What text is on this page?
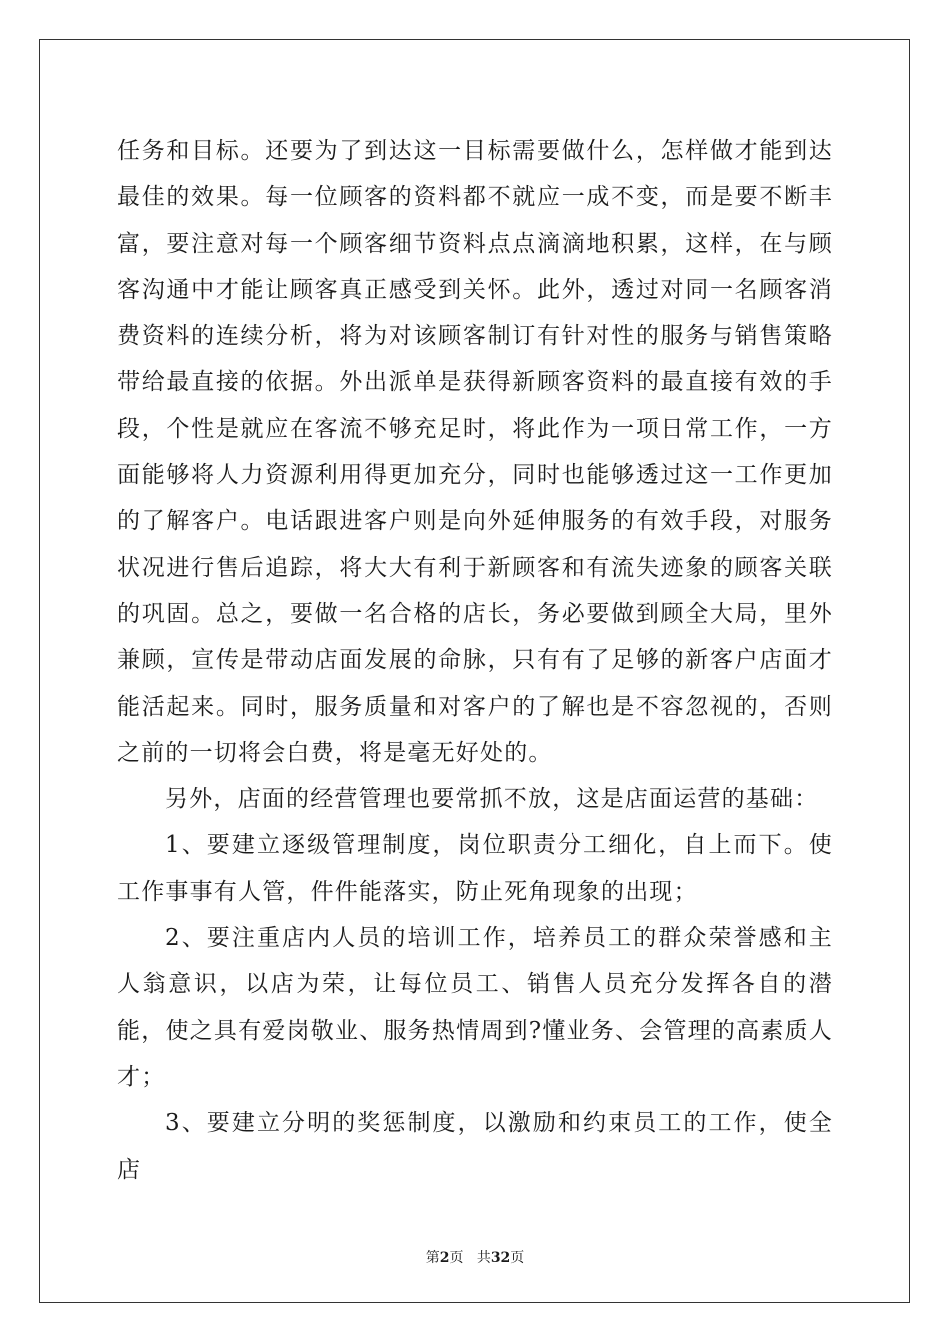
任务和目标。还要为了到达这一目标需要做什么，怎样做才能到达最佳的效果。每一位顾客的资料都不就应一成不变，而是要不断丰富，要注意对每一个顾客细节资料点点滴滴地积累，这样，在与顾客沟通中才能让顾客真正感受到关怀。此外，透过对同一名顾客消费资料的连续分析，将为对该顾客制订有针对性的服务与销售策略带给最直接的依据。外出派单是获得新顾客资料的最直接有效的手段，个性是就应在客流不够充足时，将此作为一项日常工作，一方面能够将人力资源利用得更加充分，同时也能够透过这一工作更加的了解客户。电话跟进客户则是向外延伸服务的有效手段，对服务状况进行售后追踪，将大大有利于新顾客和有流失迹象的顾客关联的巩固。总之，要做一名合格的店长，务必要做到顾全大局，里外兼顾，宣传是带动店面发展的命脉，只有有了足够的新客户店面才能活起来。同时，服务质量和对客户的了解也是不容忽视的，否则之前的一切将会白费，将是毫无好处的。

另外，店面的经营管理也要常抓不放，这是店面运营的基础：

1、要建立逐级管理制度，岗位职责分工细化，自上而下。使工作事事有人管，件件能落实，防止死角现象的出现；

2、要注重店内人员的培训工作，培养员工的群众荣誉感和主人翁意识，以店为荣，让每位员工、销售人员充分发挥各自的潜能，使之具有爱岗敬业、服务热情周到?懂业务、会管理的高素质人才；

3、要建立分明的奖惩制度，以激励和约束员工的工作，使全店

第2页 共32页
